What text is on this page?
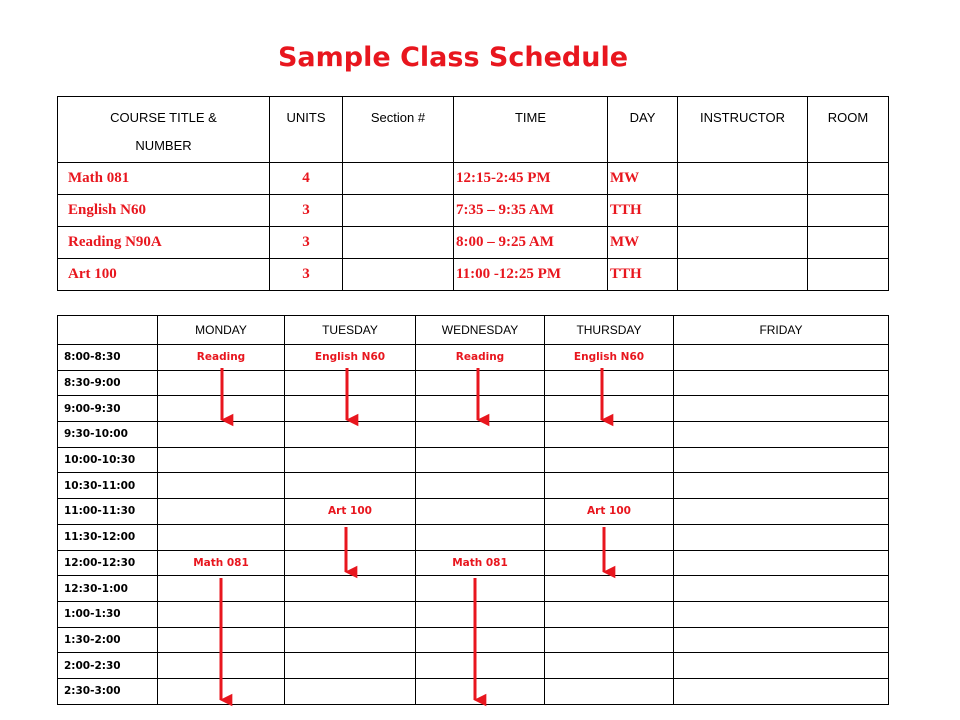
Sample Class Schedule
COURSE TITLE &
NUMBER	UNITS	Section #	TIME	DAY	INSTRUCTOR	ROOM
Math 081	4		12:15-2:45 PM	MW		
English N60	3		7:35 – 9:35 AM	TTH		
Reading N90A	3		8:00 – 9:25 AM	MW		
Art 100	3		11:00 -12:25 PM	TTH		
	MONDAY	TUESDAY	WEDNESDAY	THURSDAY	FRIDAY
8:00-8:30	Reading	English N60	Reading	English N60	
8:30-9:00					
9:00-9:30					
9:30-10:00					
10:00-10:30					
10:30-11:00					
11:00-11:30		Art 100		Art 100	
11:30-12:00					
12:00-12:30	Math 081		Math 081		
12:30-1:00					
1:00-1:30					
1:30-2:00					
2:00-2:30					
2:30-3:00					
